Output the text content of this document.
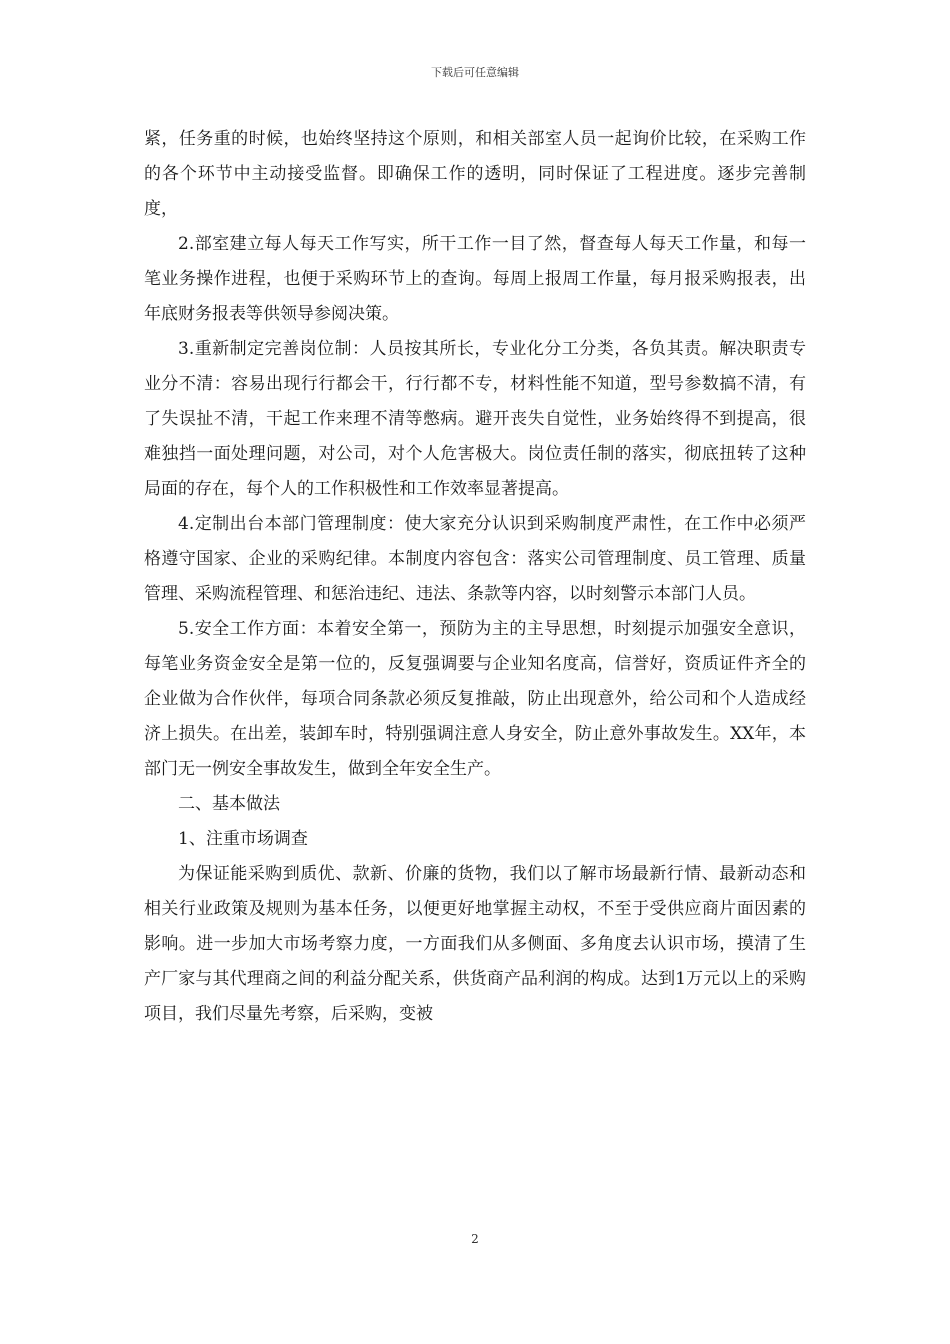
下载后可任意编辑

紧，任务重的时候，也始终坚持这个原则，和相关部室人员一起询价比较，在采购工作的各个环节中主动接受监督。即确保工作的透明，同时保证了工程进度。逐步完善制度，

2.部室建立每人每天工作写实，所干工作一目了然，督查每人每天工作量，和每一笔业务操作进程，也便于采购环节上的查询。每周上报周工作量，每月报采购报表，出年底财务报表等供领导参阅决策。

3.重新制定完善岗位制：人员按其所长，专业化分工分类，各负其责。解决职责专业分不清：容易出现行行都会干，行行都不专，材料性能不知道，型号参数搞不清，有了失误扯不清，干起工作来理不清等憋病。避开丧失自觉性，业务始终得不到提高，很难独挡一面处理问题，对公司，对个人危害极大。岗位责任制的落实，彻底扭转了这种局面的存在，每个人的工作积极性和工作效率显著提高。

4.定制出台本部门管理制度：使大家充分认识到采购制度严肃性，在工作中必须严格遵守国家、企业的采购纪律。本制度内容包含：落实公司管理制度、员工管理、质量管理、采购流程管理、和惩治违纪、违法、条款等内容，以时刻警示本部门人员。

5.安全工作方面：本着安全第一，预防为主的主导思想，时刻提示加强安全意识，每笔业务资金安全是第一位的，反复强调要与企业知名度高，信誉好，资质证件齐全的企业做为合作伙伴，每项合同条款必须反复推敲，防止出现意外，给公司和个人造成经济上损失。在出差，装卸车时，特别强调注意人身安全，防止意外事故发生。XX年，本部门无一例安全事故发生，做到全年安全生产。

二、基本做法

1、注重市场调查

为保证能采购到质优、款新、价廉的货物，我们以了解市场最新行情、最新动态和相关行业政策及规则为基本任务，以便更好地掌握主动权，不至于受供应商片面因素的影响。进一步加大市场考察力度，一方面我们从多侧面、多角度去认识市场，摸清了生产厂家与其代理商之间的利益分配关系，供货商产品利润的构成。达到1万元以上的采购项目，我们尽量先考察，后采购，变被

2
